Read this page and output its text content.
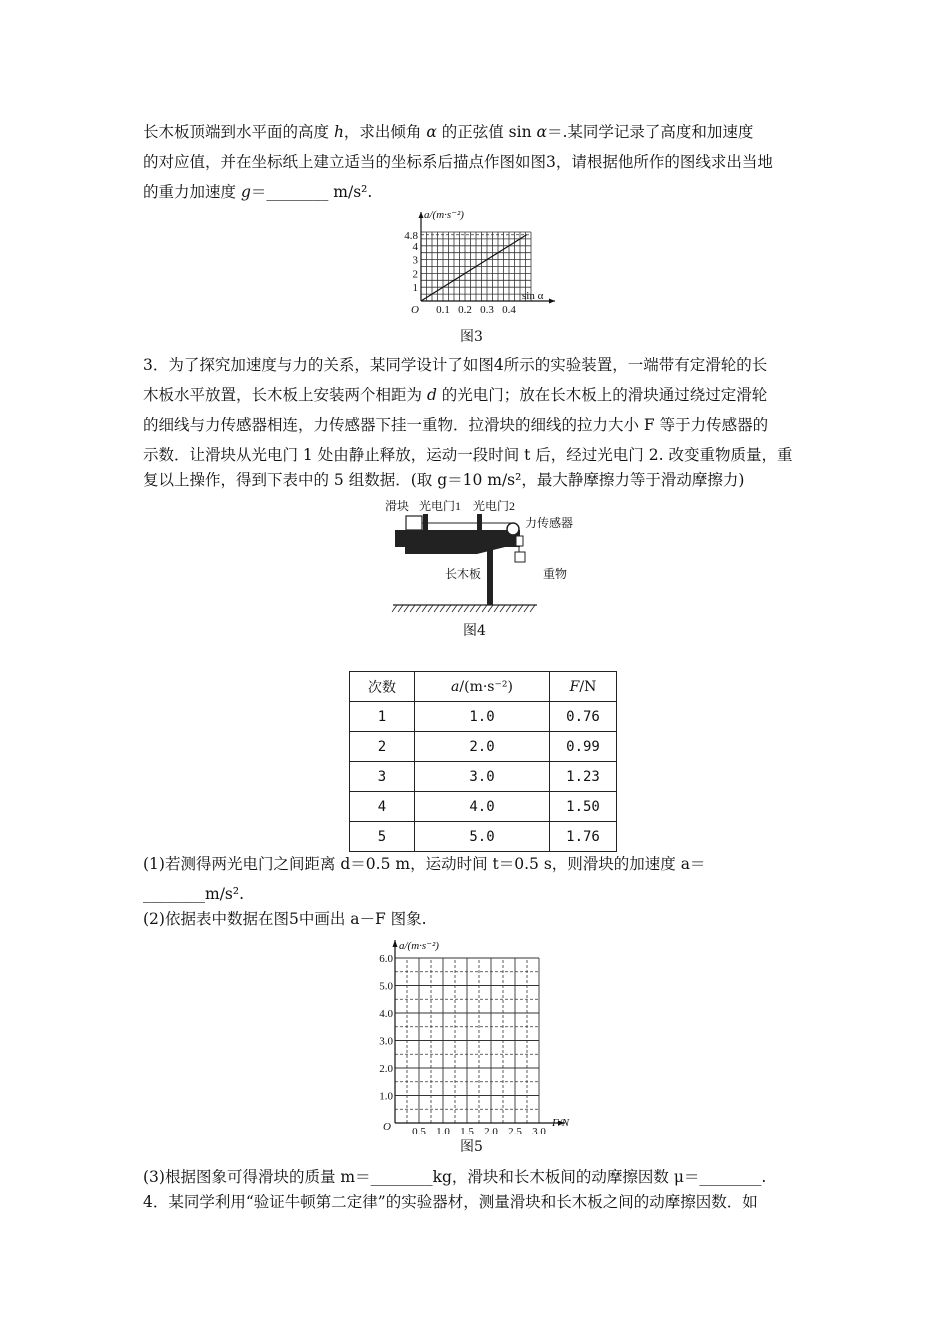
长木板顶端到水平面的高度 h，求出倾角 α 的正弦值 sin α＝.某同学记录了高度和加速度
的对应值，并在坐标纸上建立适当的坐标系后描点作图如图3，请根据他所作的图线求出当地
的重力加速度 g＝________ m/s².
a/(m·s⁻²)
sin α
O
1
2
3
4
4.8
0.1 0.2 0.3 0.4
图3
3．为了探究加速度与力的关系，某同学设计了如图4所示的实验装置，一端带有定滑轮的长
木板水平放置，长木板上安装两个相距为 d 的光电门；放在长木板上的滑块通过绕过定滑轮
的细线与力传感器相连，力传感器下挂一重物．拉滑块的细线的拉力大小 F 等于力传感器的
示数．让滑块从光电门 1 处由静止释放，运动一段时间 t 后，经过光电门 2. 改变重物质量，重
复以上操作，得到下表中的 5 组数据．(取 g＝10 m/s²，最大静摩擦力等于滑动摩擦力)
滑块 光电门1 光电门2
力传感器
长木板	重物
图4
次数	a/(m·s⁻²)	F/N
1	1.0	0.76
2	2.0	0.99
3	3.0	1.23
4	4.0	1.50
5	5.0	1.76
(1)若测得两光电门之间距离 d＝0.5 m，运动时间 t＝0.5 s，则滑块的加速度 a＝
________m/s².
(2)依据表中数据在图5中画出 a－F 图象.
a/(m·s⁻²)
F/N
O
1.0
2.0
3.0
4.0
5.0
6.0
0.5 1.0 1.5 2.0 2.5 3.0
图5
(3)根据图象可得滑块的质量 m＝________kg，滑块和长木板间的动摩擦因数 μ＝________.
4．某同学利用“验证牛顿第二定律”的实验器材，测量滑块和长木板之间的动摩擦因数．如
